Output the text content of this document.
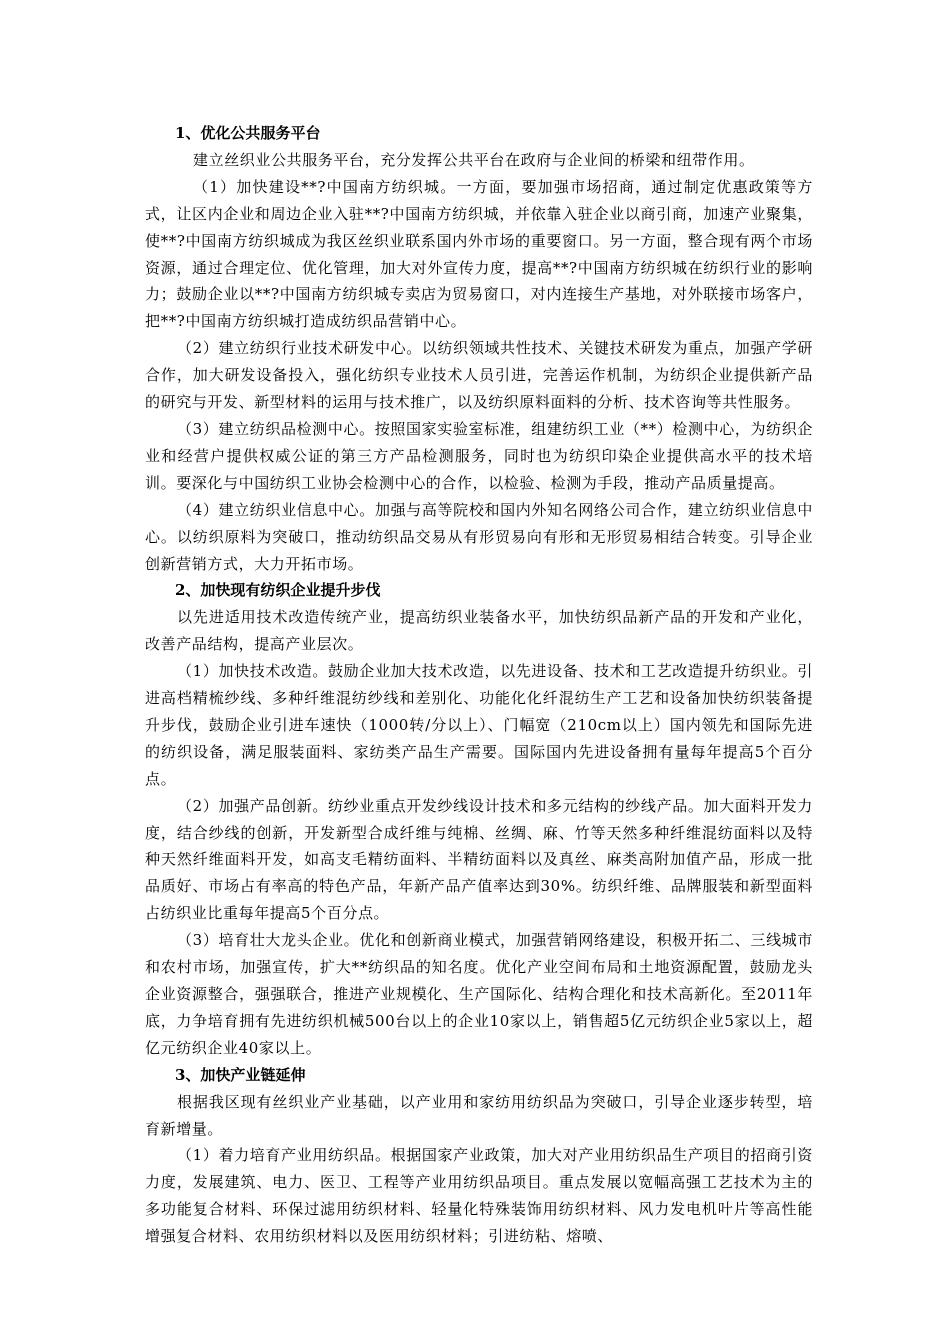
1、优化公共服务平台

建立丝织业公共服务平台，充分发挥公共平台在政府与企业间的桥梁和纽带作用。

（1）加快建设**?中国南方纺织城。一方面，要加强市场招商，通过制定优惠政策等方式，让区内企业和周边企业入驻**?中国南方纺织城，并依靠入驻企业以商引商，加速产业聚集，使**?中国南方纺织城成为我区丝织业联系国内外市场的重要窗口。另一方面，整合现有两个市场资源，通过合理定位、优化管理，加大对外宣传力度，提高**?中国南方纺织城在纺织行业的影响力；鼓励企业以**?中国南方纺织城专卖店为贸易窗口，对内连接生产基地，对外联接市场客户，把**?中国南方纺织城打造成纺织品营销中心。

（2）建立纺织行业技术研发中心。以纺织领域共性技术、关键技术研发为重点，加强产学研合作，加大研发设备投入，强化纺织专业技术人员引进，完善运作机制，为纺织企业提供新产品的研究与开发、新型材料的运用与技术推广，以及纺织原料面料的分析、技术咨询等共性服务。

（3）建立纺织品检测中心。按照国家实验室标准，组建纺织工业（**）检测中心，为纺织企业和经营户提供权威公证的第三方产品检测服务，同时也为纺织印染企业提供高水平的技术培训。要深化与中国纺织工业协会检测中心的合作，以检验、检测为手段，推动产品质量提高。

（4）建立纺织业信息中心。加强与高等院校和国内外知名网络公司合作，建立纺织业信息中心。以纺织原料为突破口，推动纺织品交易从有形贸易向有形和无形贸易相结合转变。引导企业创新营销方式，大力开拓市场。

2、加快现有纺织企业提升步伐

以先进适用技术改造传统产业，提高纺织业装备水平，加快纺织品新产品的开发和产业化，改善产品结构，提高产业层次。

（1）加快技术改造。鼓励企业加大技术改造，以先进设备、技术和工艺改造提升纺织业。引进高档精梳纱线、多种纤维混纺纱线和差别化、功能化化纤混纺生产工艺和设备加快纺织装备提升步伐，鼓励企业引进车速快（1000转/分以上）、门幅宽（210cm以上）国内领先和国际先进的纺织设备，满足服装面料、家纺类产品生产需要。国际国内先进设备拥有量每年提高5个百分点。

（2）加强产品创新。纺纱业重点开发纱线设计技术和多元结构的纱线产品。加大面料开发力度，结合纱线的创新，开发新型合成纤维与纯棉、丝绸、麻、竹等天然多种纤维混纺面料以及特种天然纤维面料开发，如高支毛精纺面料、半精纺面料以及真丝、麻类高附加值产品，形成一批品质好、市场占有率高的特色产品，年新产品产值率达到30%。纺织纤维、品牌服装和新型面料占纺织业比重每年提高5个百分点。

（3）培育壮大龙头企业。优化和创新商业模式，加强营销网络建设，积极开拓二、三线城市和农村市场，加强宣传，扩大**纺织品的知名度。优化产业空间布局和土地资源配置，鼓励龙头企业资源整合，强强联合，推进产业规模化、生产国际化、结构合理化和技术高新化。至2011年底，力争培育拥有先进纺织机械500台以上的企业10家以上，销售超5亿元纺织企业5家以上，超亿元纺织企业40家以上。

3、加快产业链延伸

根据我区现有丝织业产业基础，以产业用和家纺用纺织品为突破口，引导企业逐步转型，培育新增量。

（1）着力培育产业用纺织品。根据国家产业政策，加大对产业用纺织品生产项目的招商引资力度，发展建筑、电力、医卫、工程等产业用纺织品项目。重点发展以宽幅高强工艺技术为主的多功能复合材料、环保过滤用纺织材料、轻量化特殊装饰用纺织材料、风力发电机叶片等高性能增强复合材料、农用纺织材料以及医用纺织材料；引进纺粘、熔喷、
